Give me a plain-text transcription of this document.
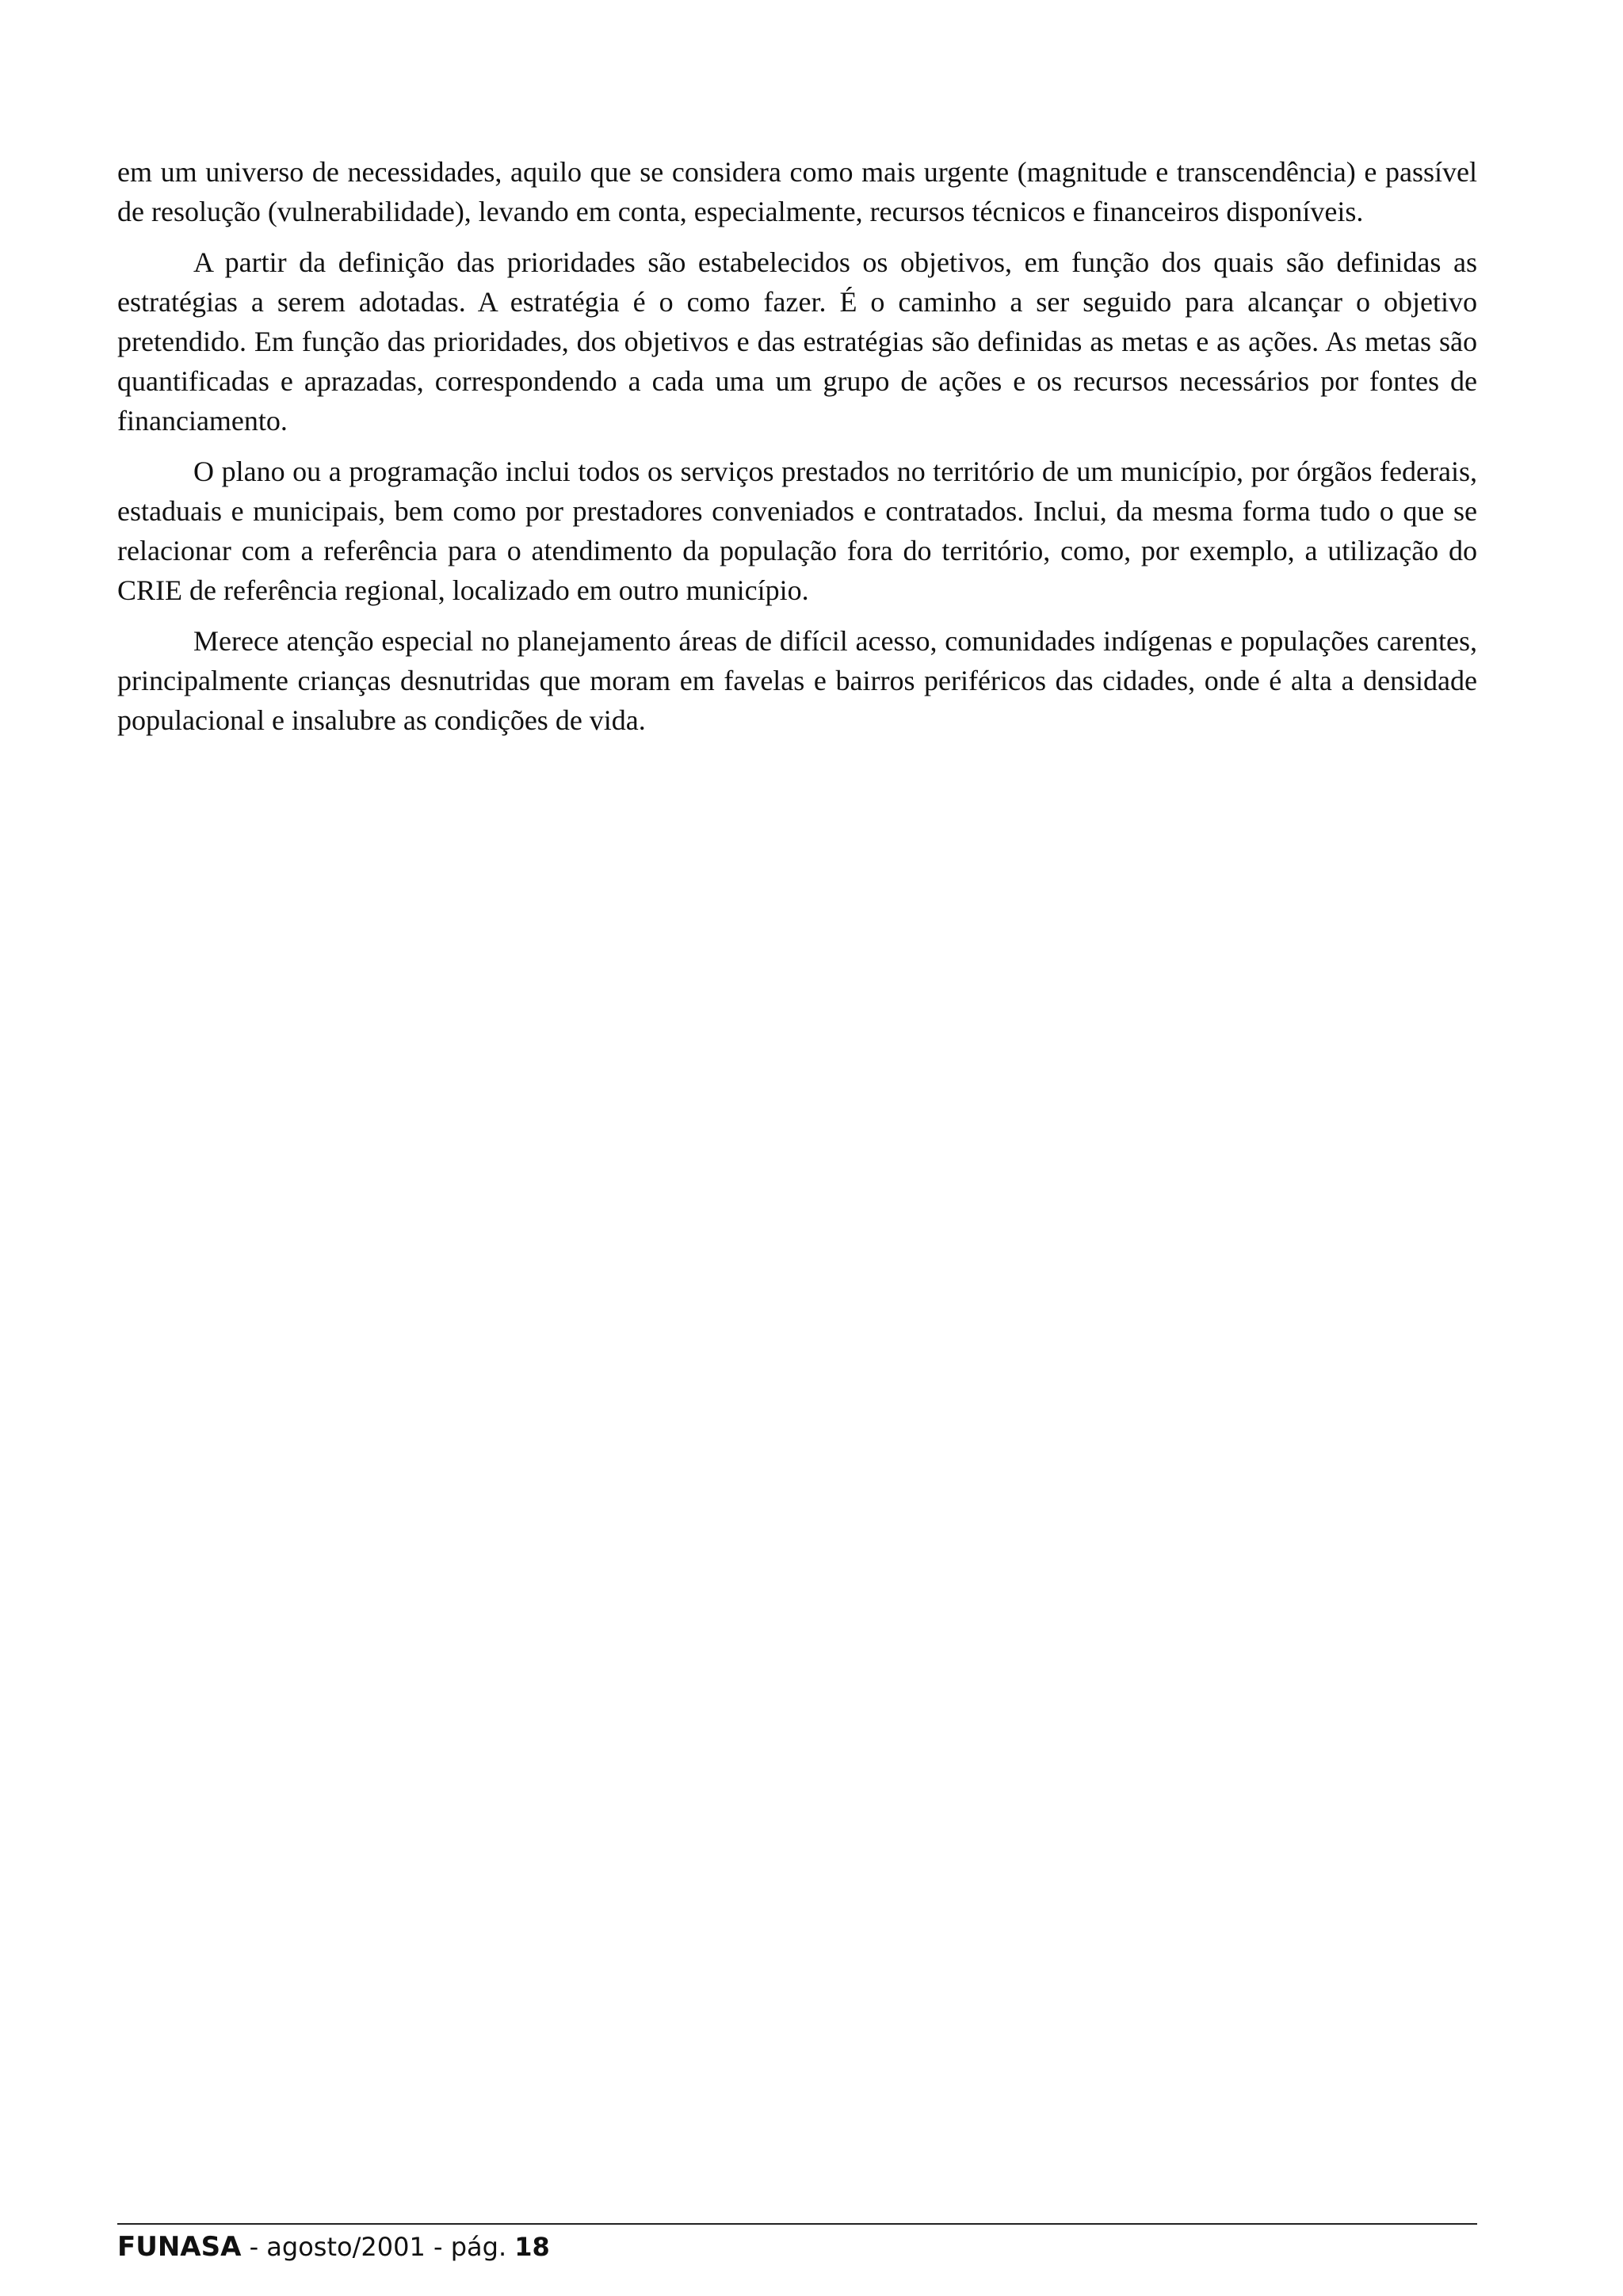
em um universo de necessidades, aquilo que se considera como mais urgente (magnitude e transcendência) e passível de resolução (vulnerabilidade), levando em conta, especialmente, recursos técnicos e financeiros disponíveis.

A partir da definição das prioridades são estabelecidos os objetivos, em função dos quais são definidas as estratégias a serem adotadas. A estratégia é o como fazer. É o caminho a ser seguido para alcançar o objetivo pretendido. Em função das prioridades, dos objetivos e das estratégias são definidas as metas e as ações. As metas são quantificadas e aprazadas, correspondendo a cada uma um grupo de ações e os recursos necessários por fontes de financiamento.

O plano ou a programação inclui todos os serviços prestados no território de um município, por órgãos federais, estaduais e municipais, bem como por prestadores conveniados e contratados. Inclui, da mesma forma tudo o que se relacionar com a referência para o atendimento da população fora do território, como, por exemplo, a utilização do CRIE de referência regional, localizado em outro município.

Merece atenção especial no planejamento áreas de difícil acesso, comunidades indígenas e populações carentes, principalmente crianças desnutridas que moram em favelas e bairros periféricos das cidades, onde é alta a densidade populacional e insalubre as condições de vida.

FUNASA - agosto/2001 - pág. 18
